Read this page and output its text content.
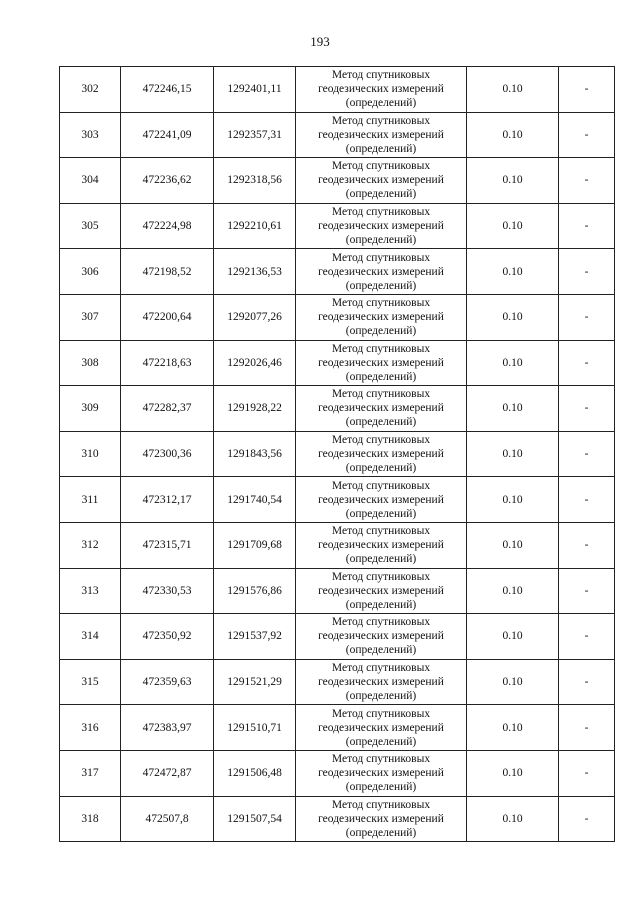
193
302	472246,15	1292401,11	Метод спутниковых геодезических измерений (определений)	0.10	-
303	472241,09	1292357,31	Метод спутниковых геодезических измерений (определений)	0.10	-
304	472236,62	1292318,56	Метод спутниковых геодезических измерений (определений)	0.10	-
305	472224,98	1292210,61	Метод спутниковых геодезических измерений (определений)	0.10	-
306	472198,52	1292136,53	Метод спутниковых геодезических измерений (определений)	0.10	-
307	472200,64	1292077,26	Метод спутниковых геодезических измерений (определений)	0.10	-
308	472218,63	1292026,46	Метод спутниковых геодезических измерений (определений)	0.10	-
309	472282,37	1291928,22	Метод спутниковых геодезических измерений (определений)	0.10	-
310	472300,36	1291843,56	Метод спутниковых геодезических измерений (определений)	0.10	-
311	472312,17	1291740,54	Метод спутниковых геодезических измерений (определений)	0.10	-
312	472315,71	1291709,68	Метод спутниковых геодезических измерений (определений)	0.10	-
313	472330,53	1291576,86	Метод спутниковых геодезических измерений (определений)	0.10	-
314	472350,92	1291537,92	Метод спутниковых геодезических измерений (определений)	0.10	-
315	472359,63	1291521,29	Метод спутниковых геодезических измерений (определений)	0.10	-
316	472383,97	1291510,71	Метод спутниковых геодезических измерений (определений)	0.10	-
317	472472,87	1291506,48	Метод спутниковых геодезических измерений (определений)	0.10	-
318	472507,8	1291507,54	Метод спутниковых геодезических измерений (определений)	0.10	-
